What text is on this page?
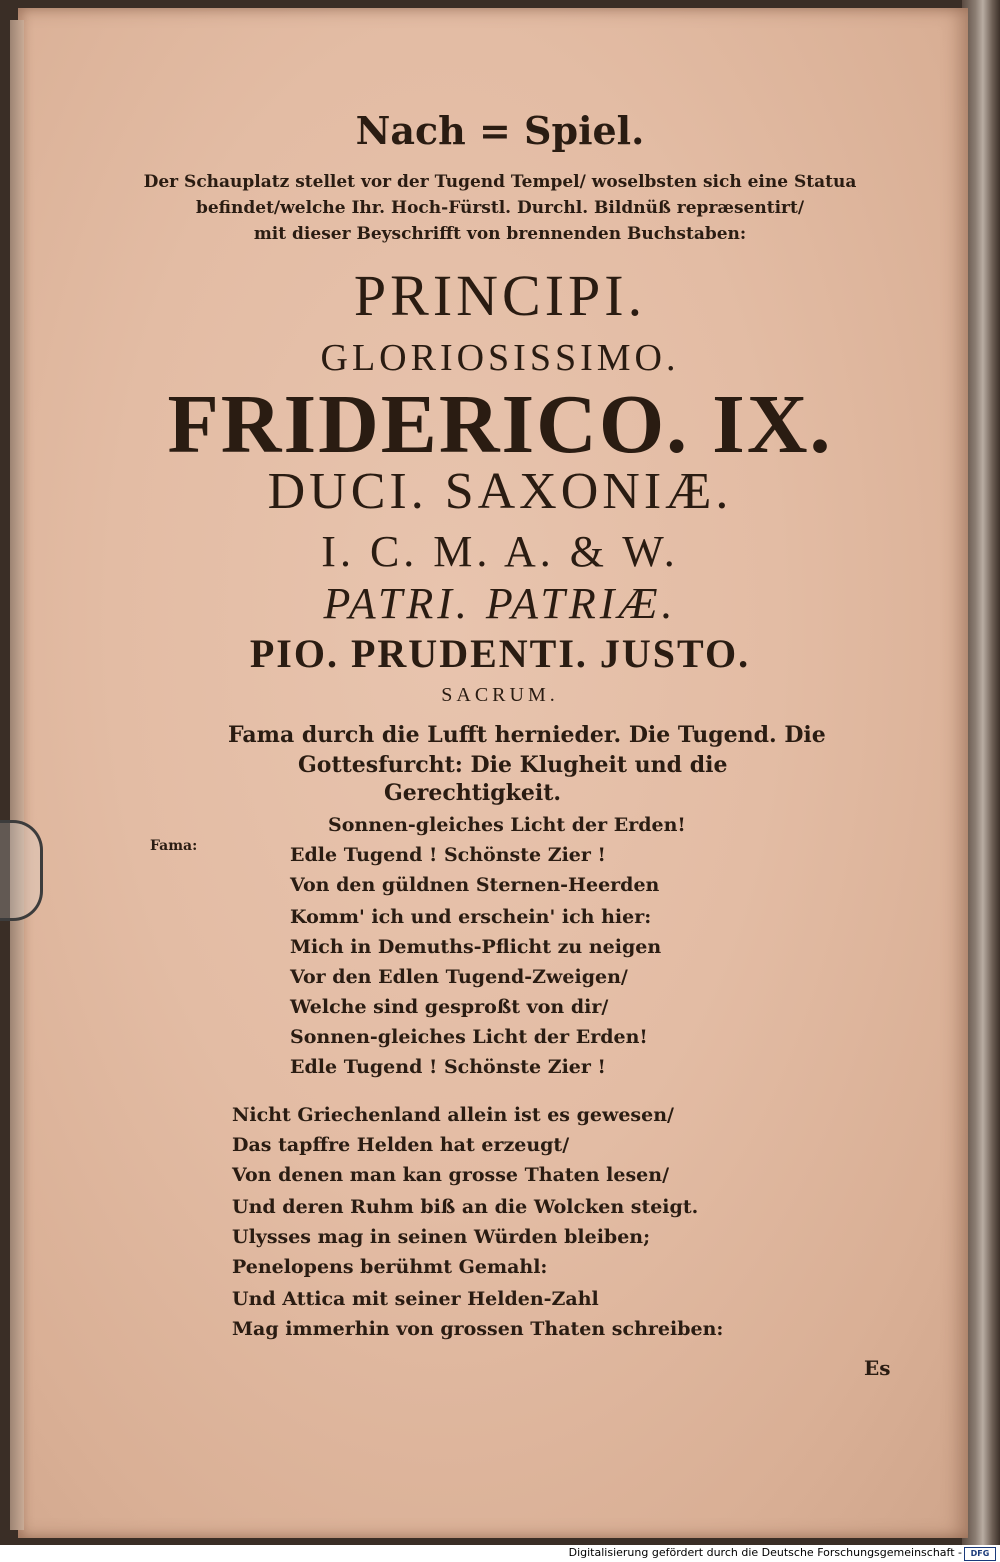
Nach = Spiel.
Der Schauplatz stellet vor der Tugend Tempel/ woselbsten sich eine Statua
befindet/welche Ihr. Hoch-Fürstl. Durchl. Bildnüß repræsentirt/
mit dieser Beyschrifft von brennenden Buchstaben:
PRINCIPI.
GLORIOSISSIMO.
FRIDERICO. IX.
DUCI. SAXONIÆ.
I. C. M. A. & W.
PATRI. PATRIÆ.
PIO. PRUDENTI. JUSTO.
SACRUM.
Fama durch die Lufft hernieder. Die Tugend. Die
Gottesfurcht: Die Klugheit und die
Gerechtigkeit.
Fama:
Sonnen-gleiches Licht der Erden!
Edle Tugend ! Schönste Zier !
Von den güldnen Sternen-Heerden
Komm' ich und erschein' ich hier:
Mich in Demuths-Pflicht zu neigen
Vor den Edlen Tugend-Zweigen/
Welche sind gesproßt von dir/
Sonnen-gleiches Licht der Erden!
Edle Tugend ! Schönste Zier !
Nicht Griechenland allein ist es gewesen/
Das tapffre Helden hat erzeugt/
Von denen man kan grosse Thaten lesen/
Und deren Ruhm biß an die Wolcken steigt.
Ulysses mag in seinen Würden bleiben;
Penelopens berühmt Gemahl:
Und Attica mit seiner Helden-Zahl
Mag immerhin von grossen Thaten schreiben:
Es
Digitalisierung gefördert durch die Deutsche Forschungsgemeinschaft -	DFG
